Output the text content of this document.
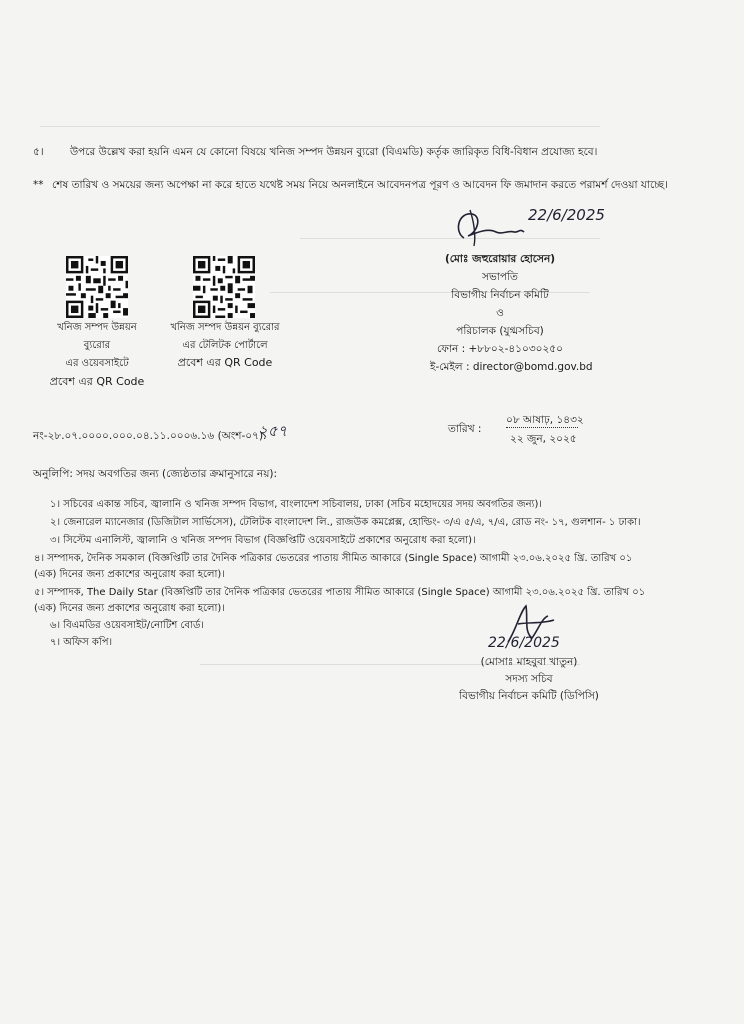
৫।	উপরে উল্লেখ করা হয়নি এমন যে কোনো বিষয়ে খনিজ সম্পদ উন্নয়ন ব্যুরো (বিএমডি) কর্তৃক জারিকৃত বিধি-বিধান প্রযোজ্য হবে।
** শেষ তারিখ ও সময়ের জন্য অপেক্ষা না করে হাতে যথেষ্ট সময় নিয়ে অনলাইনে আবেদনপত্র পূরণ ও আবেদন ফি জমাদান করতে পরামর্শ দেওয়া যাচ্ছে।
খনিজ সম্পদ উন্নয়ন
ব্যুরোর
এর ওয়েবসাইটে
প্রবেশ এর QR Code
খনিজ সম্পদ উন্নয়ন ব্যুরোর
এর টেলিটক পোর্টালে
প্রবেশ এর QR Code
22/6/2025
(মোঃ জহুরোয়ার হোসেন)
সভাপতি
বিভাগীয় নির্বাচন কমিটি
ও
পরিচালক (যুগ্মসচিব)
ফোন : +৮৮০২-৪১০৩০২৫০
ই-মেইল : director@bomd.gov.bd
নং-২৮.০৭.০০০০.০০০.০৪.১১.০০০৬.১৬ (অংশ-০৭).
২৫৭	তারিখ :
০৮ আষাঢ়, ১৪৩২
২২ জুন, ২০২৫
অনুলিপি: সদয় অবগতির জন্য (জ্যেষ্ঠতার ক্রমানুসারে নয়):
১। সচিবের একান্ত সচিব, জ্বালানি ও খনিজ সম্পদ বিভাগ, বাংলাদেশ সচিবালয়, ঢাকা (সচিব মহোদয়ের সদয় অবগতির জন্য)।
২। জেনারেল ম্যানেজার (ডিজিটাল সার্ভিসেস), টেলিটক বাংলাদেশ লি., রাজউক কমপ্লেক্স, হোল্ডিং- ৩/এ ৫/এ, ৭/এ, রোড নং- ১৭, গুলশান- ১ ঢাকা।
৩। সিস্টেম এনালিস্ট, জ্বালানি ও খনিজ সম্পদ বিভাগ (বিজ্ঞপ্তিটি ওয়েবসাইটে প্রকাশের অনুরোধ করা হলো)।
৪। সম্পাদক, দৈনিক সমকাল (বিজ্ঞপ্তিটি তার দৈনিক পত্রিকার ভেতরের পাতায় সীমিত আকারে (Single Space) আগামী ২৩.০৬.২০২৫ খ্রি. তারিখ ০১
(এক) দিনের জন্য প্রকাশের অনুরোধ করা হলো)।
৫। সম্পাদক, The Daily Star (বিজ্ঞপ্তিটি তার দৈনিক পত্রিকার ভেতরের পাতায় সীমিত আকারে (Single Space) আগামী ২৩.০৬.২০২৫ খ্রি. তারিখ ০১
(এক) দিনের জন্য প্রকাশের অনুরোধ করা হলো)।
৬। বিএমডির ওয়েবসাইট/নোটিশ বোর্ড।
৭। অফিস কপি।	22/6/2025
(মোসাঃ মাহবুবা খাতুন)
সদস্য সচিব
বিভাগীয় নির্বাচন কমিটি (ডিপিসি)
